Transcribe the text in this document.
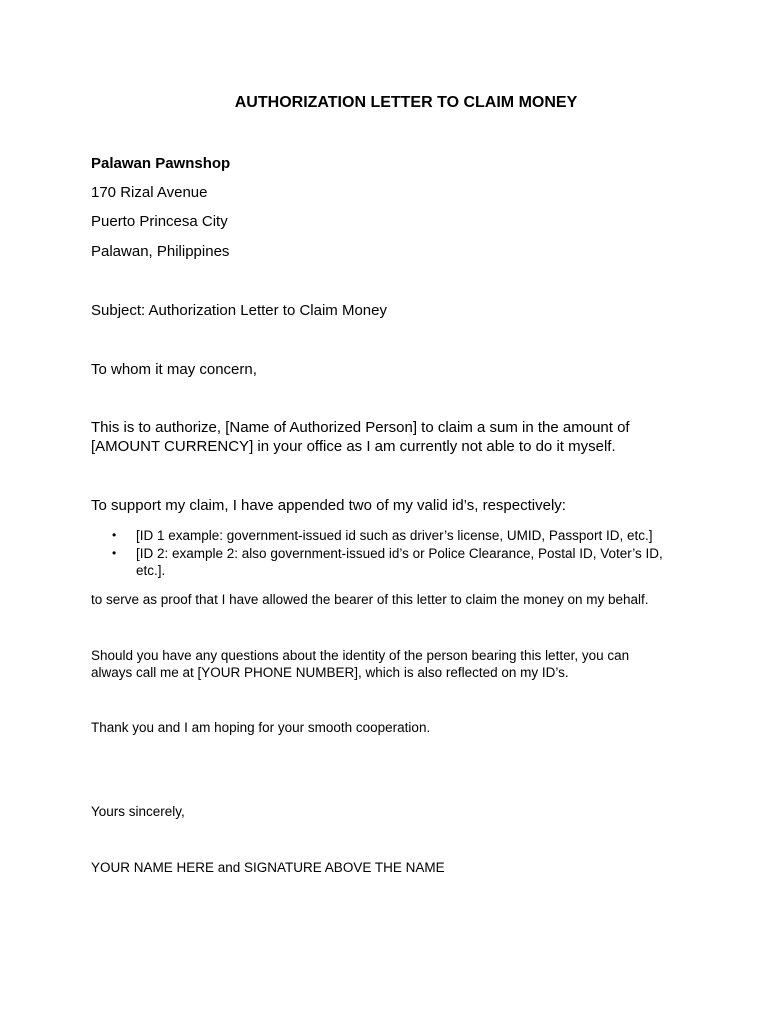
AUTHORIZATION LETTER TO CLAIM MONEY

Palawan Pawnshop

170 Rizal Avenue

Puerto Princesa City

Palawan, Philippines

Subject: Authorization Letter to Claim Money

To whom it may concern,

This is to authorize, [Name of Authorized Person] to claim a sum in the amount of

[AMOUNT CURRENCY] in your office as I am currently not able to do it myself.

To support my claim, I have appended two of my valid id’s, respectively:

• [ID 1 example: government-issued id such as driver’s license, UMID, Passport ID, etc.]
• [ID 2: example 2: also government-issued id’s or Police Clearance, Postal ID, Voter’s ID, etc.].

to serve as proof that I have allowed the bearer of this letter to claim the money on my behalf.

Should you have any questions about the identity of the person bearing this letter, you can

always call me at [YOUR PHONE NUMBER], which is also reflected on my ID’s.

Thank you and I am hoping for your smooth cooperation.

Yours sincerely,

YOUR NAME HERE and SIGNATURE ABOVE THE NAME
